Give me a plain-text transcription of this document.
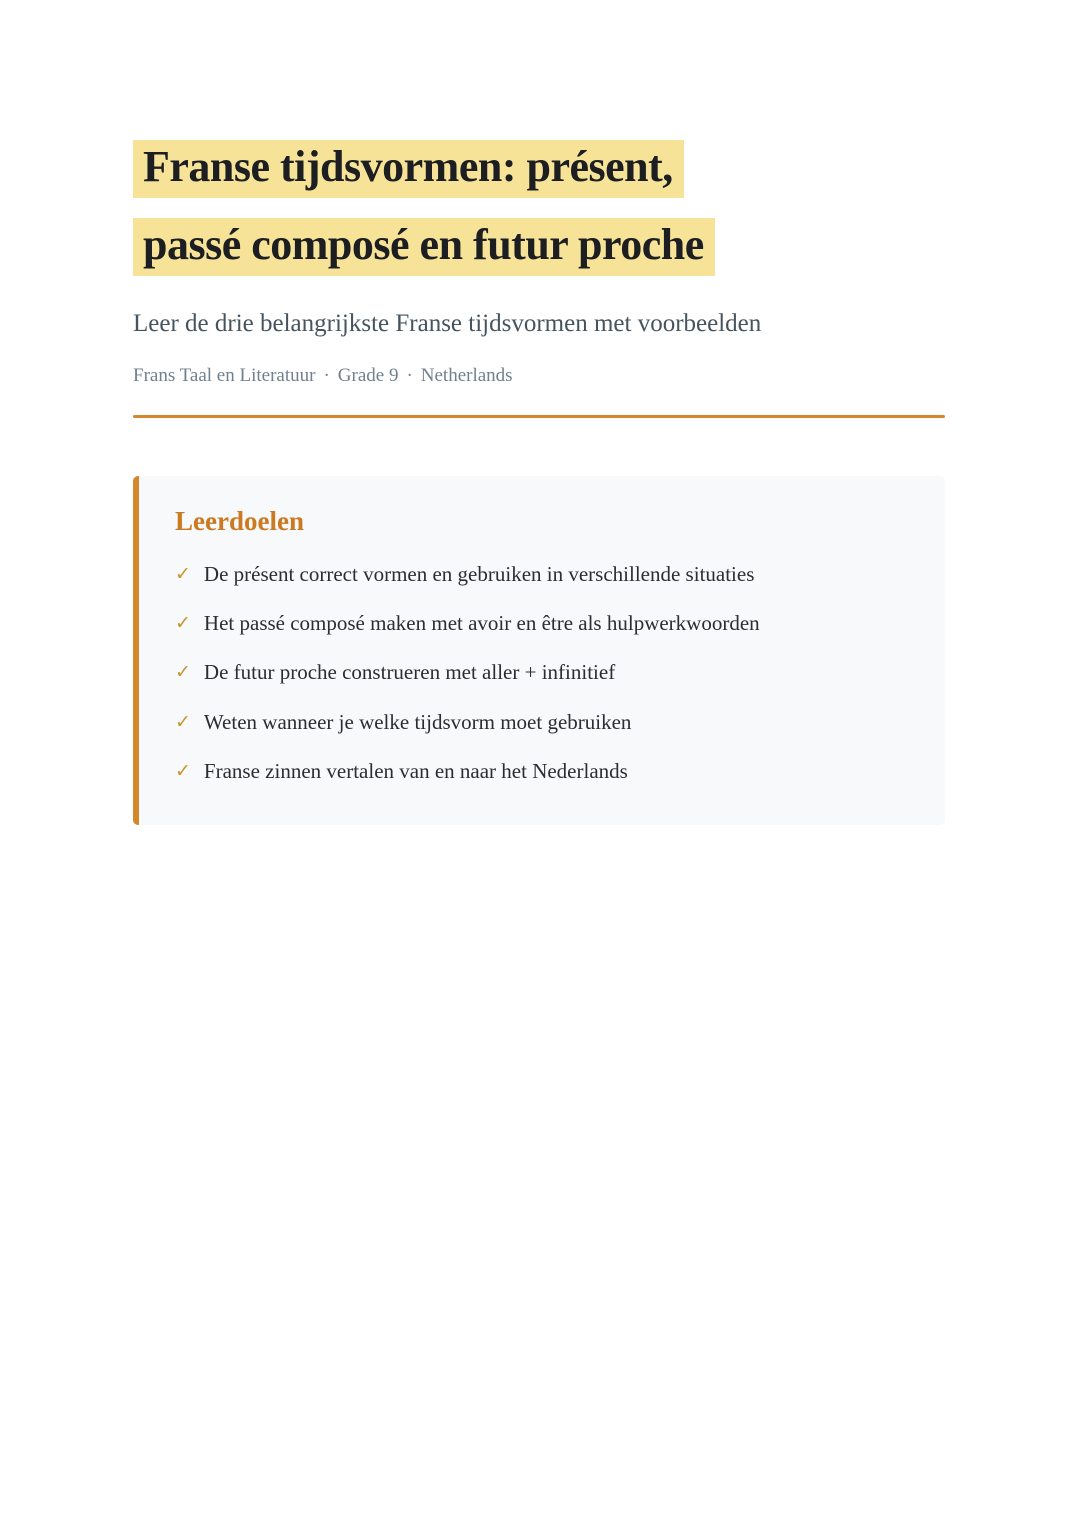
Franse tijdsvormen: présent,
passé composé en futur proche

Leer de drie belangrijkste Franse tijdsvormen met voorbeelden

Frans Taal en Literatuur · Grade 9 · Netherlands

Leerdoelen
✓ De présent correct vormen en gebruiken in verschillende situaties
✓ Het passé composé maken met avoir en être als hulpwerkwoorden
✓ De futur proche construeren met aller + infinitief
✓ Weten wanneer je welke tijdsvorm moet gebruiken
✓ Franse zinnen vertalen van en naar het Nederlands
